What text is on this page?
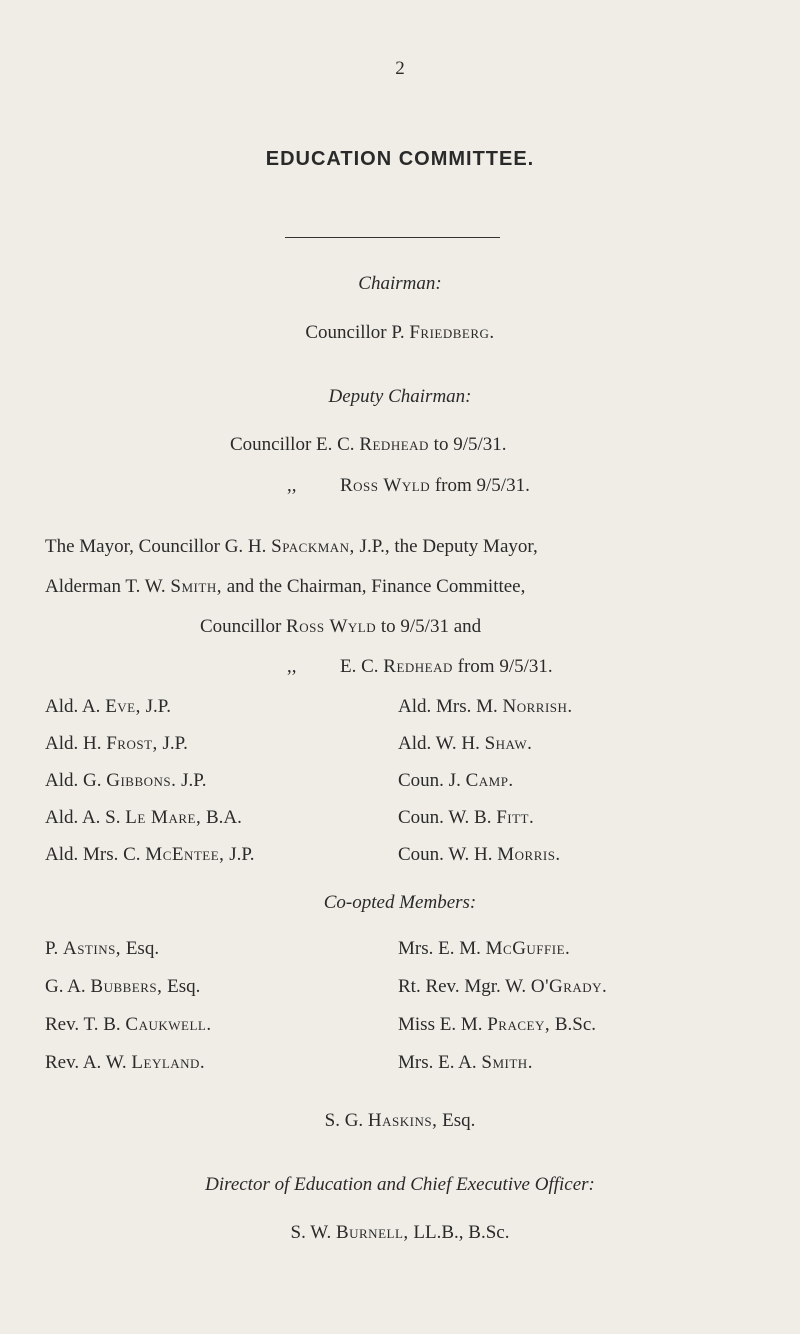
2
EDUCATION COMMITTEE.
Chairman:
Councillor P. Friedberg.
Deputy Chairman:
Councillor E. C. Redhead to 9/5/31.
,, Ross Wyld from 9/5/31.
The Mayor, Councillor G. H. Spackman, J.P., the Deputy Mayor,
Alderman T. W. Smith, and the Chairman, Finance Committee,
Councillor Ross Wyld to 9/5/31 and
,, E. C. Redhead from 9/5/31.
Ald. A. Eve, J.P.
Ald. H. Frost, J.P.
Ald. G. Gibbons. J.P.
Ald. A. S. Le Mare, B.A.
Ald. Mrs. C. McEntee, J.P.
Ald. Mrs. M. Norrish.
Ald. W. H. Shaw.
Coun. J. Camp.
Coun. W. B. Fitt.
Coun. W. H. Morris.
Co-opted Members:
P. Astins, Esq.
G. A. Bubbers, Esq.
Rev. T. B. Caukwell.
Rev. A. W. Leyland.
Mrs. E. M. McGuffie.
Rt. Rev. Mgr. W. O'Grady.
Miss E. M. Pracey, B.Sc.
Mrs. E. A. Smith.
S. G. Haskins, Esq.
Director of Education and Chief Executive Officer:
S. W. Burnell, LL.B., B.Sc.
